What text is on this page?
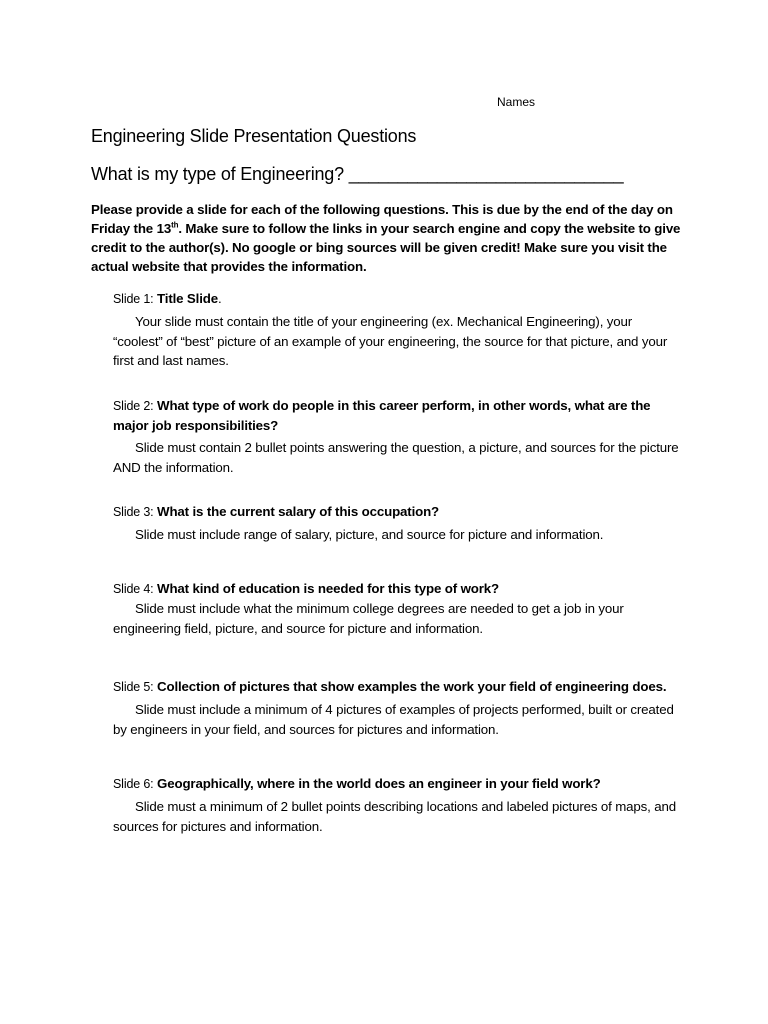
Names
Engineering Slide Presentation Questions
What is my type of Engineering? ____________________________

Please provide a slide for each of the following questions. This is due by the end of the day on Friday the 13th. Make sure to follow the links in your search engine and copy the website to give credit to the author(s). No google or bing sources will be given credit! Make sure you visit the actual website that provides the information.

Slide 1: Title Slide.

Your slide must contain the title of your engineering (ex. Mechanical Engineering), your “coolest” of “best” picture of an example of your engineering, the source for that picture, and your first and last names.

Slide 2: What type of work do people in this career perform, in other words, what are the major job responsibilities?

Slide must contain 2 bullet points answering the question, a picture, and sources for the picture AND the information.

Slide 3: What is the current salary of this occupation?

Slide must include range of salary, picture, and source for picture and information.

Slide 4: What kind of education is needed for this type of work?

Slide must include what the minimum college degrees are needed to get a job in your engineering field, picture, and source for picture and information.

Slide 5: Collection of pictures that show examples the work your field of engineering does.

Slide must include a minimum of 4 pictures of examples of projects performed, built or created by engineers in your field, and sources for pictures and information.

Slide 6: Geographically, where in the world does an engineer in your field work?

Slide must a minimum of 2 bullet points describing locations and labeled pictures of maps, and sources for pictures and information.
